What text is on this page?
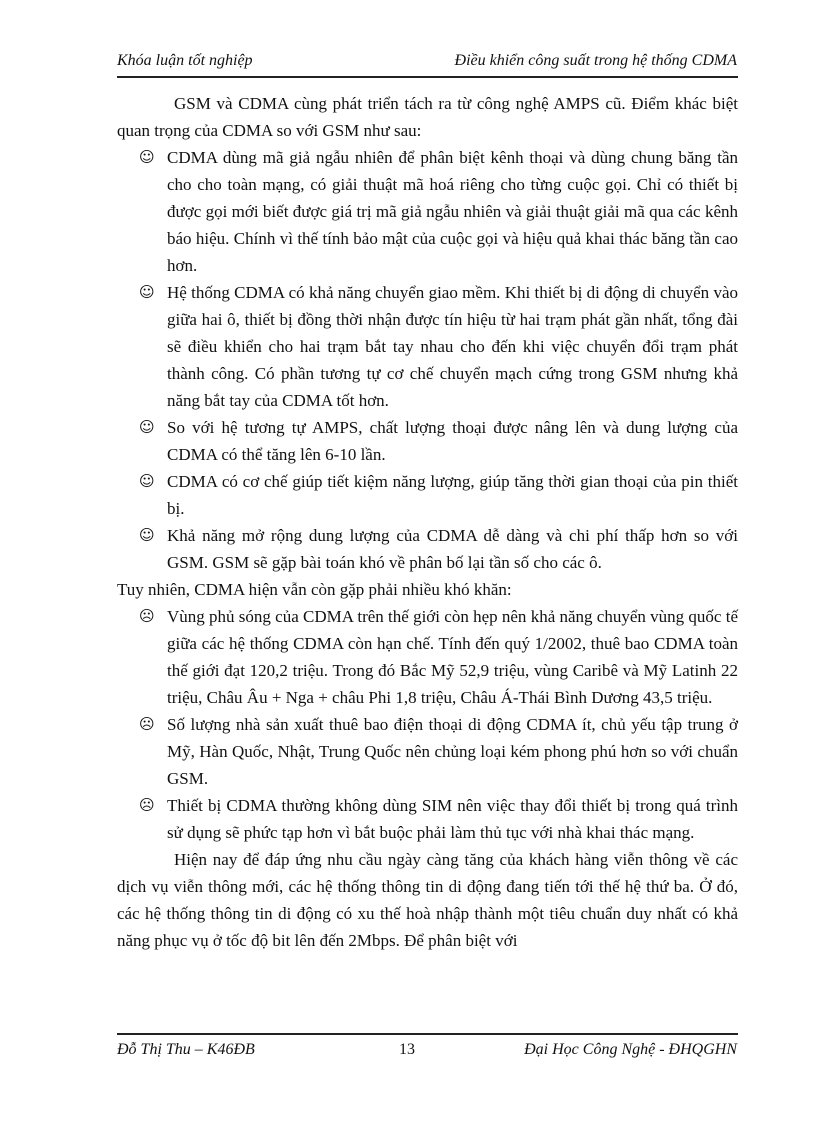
Khóa luận tốt nghiệp	Điều khiển công suất trong hệ thống CDMA

GSM và CDMA cùng phát triển tách ra từ công nghệ AMPS cũ. Điểm khác biệt quan trọng của CDMA so với GSM như sau:

☺ CDMA dùng mã giả ngẫu nhiên để phân biệt kênh thoại và dùng chung băng tần cho cho toàn mạng, có giải thuật mã hoá riêng cho từng cuộc gọi. Chỉ có thiết bị được gọi mới biết được giá trị mã giả ngẫu nhiên và giải thuật giải mã qua các kênh báo hiệu. Chính vì thế tính bảo mật của cuộc gọi và hiệu quả khai thác băng tần cao hơn.

☺ Hệ thống CDMA có khả năng chuyển giao mềm. Khi thiết bị di động di chuyển vào giữa hai ô, thiết bị đồng thời nhận được tín hiệu từ hai trạm phát gần nhất, tổng đài sẽ điều khiển cho hai trạm bắt tay nhau cho đến khi việc chuyển đổi trạm phát thành công. Có phần tương tự cơ chế chuyển mạch cứng trong GSM nhưng khả năng bắt tay của CDMA tốt hơn.

☺ So với hệ tương tự AMPS, chất lượng thoại được nâng lên và dung lượng của CDMA có thể tăng lên 6-10 lần.

☺ CDMA có cơ chế giúp tiết kiệm năng lượng, giúp tăng thời gian thoại của pin thiết bị.

☺ Khả năng mở rộng dung lượng của CDMA dễ dàng và chi phí thấp hơn so với GSM. GSM sẽ gặp bài toán khó về phân bố lại tần số cho các ô.

Tuy nhiên, CDMA hiện vẫn còn gặp phải nhiều khó khăn:

☹ Vùng phủ sóng của CDMA trên thế giới còn hẹp nên khả năng chuyển vùng quốc tế giữa các hệ thống CDMA còn hạn chế. Tính đến quý 1/2002, thuê bao CDMA toàn thế giới đạt 120,2 triệu. Trong đó Bắc Mỹ 52,9 triệu, vùng Caribê và Mỹ Latinh 22 triệu, Châu Âu + Nga + châu Phi 1,8 triệu, Châu Á-Thái Bình Dương 43,5 triệu.

☹ Số lượng nhà sản xuất thuê bao điện thoại di động CDMA ít, chủ yếu tập trung ở Mỹ, Hàn Quốc, Nhật, Trung Quốc nên chủng loại kém phong phú hơn so với chuẩn GSM.

☹ Thiết bị CDMA thường không dùng SIM nên việc thay đổi thiết bị trong quá trình sử dụng sẽ phức tạp hơn vì bắt buộc phải làm thủ tục với nhà khai thác mạng.

Hiện nay để đáp ứng nhu cầu ngày càng tăng của khách hàng viễn thông về các dịch vụ viễn thông mới, các hệ thống thông tin di động đang tiến tới thế hệ thứ ba. Ở đó, các hệ thống thông tin di động có xu thế hoà nhập thành một tiêu chuẩn duy nhất có khả năng phục vụ ở tốc độ bit lên đến 2Mbps. Để phân biệt với

Đỗ Thị Thu – K46ĐB	13	Đại Học Công Nghệ - ĐHQGHN
